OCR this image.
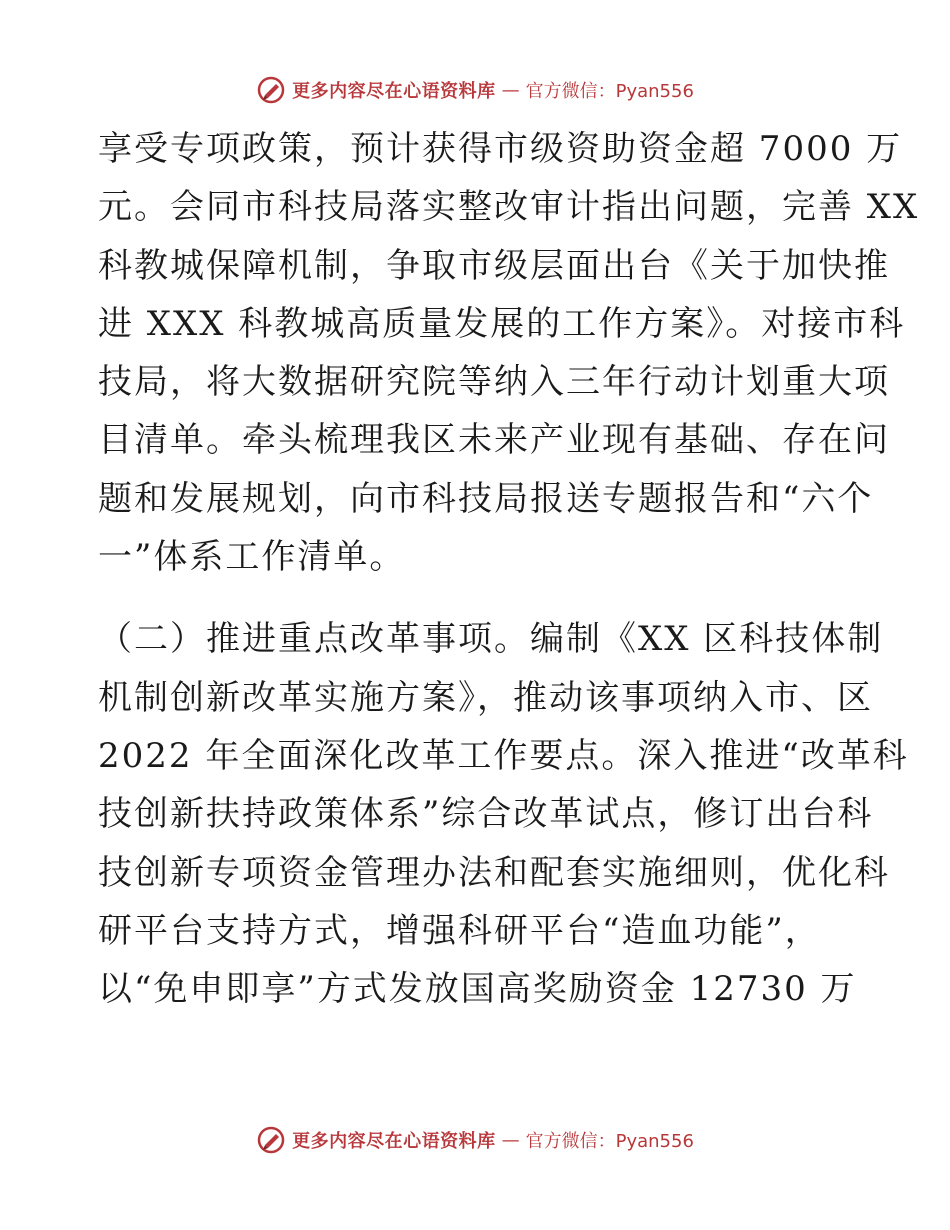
更多内容尽在心语资料库 — 官方微信：Pyan556
享受专项政策，预计获得市级资助资金超 7000 万
元。会同市科技局落实整改审计指出问题，完善 XX
科教城保障机制，争取市级层面出台《关于加快推
进 XXX 科教城高质量发展的工作方案》。对接市科
技局，将大数据研究院等纳入三年行动计划重大项
目清单。牵头梳理我区未来产业现有基础、存在问
题和发展规划，向市科技局报送专题报告和“六个
一”体系工作清单。
（二）推进重点改革事项。编制《XX 区科技体制
机制创新改革实施方案》，推动该事项纳入市、区
2022 年全面深化改革工作要点。深入推进“改革科
技创新扶持政策体系”综合改革试点，修订出台科
技创新专项资金管理办法和配套实施细则，优化科
研平台支持方式，增强科研平台“造血功能”，
以“免申即享”方式发放国高奖励资金 12730 万
更多内容尽在心语资料库 — 官方微信：Pyan556
